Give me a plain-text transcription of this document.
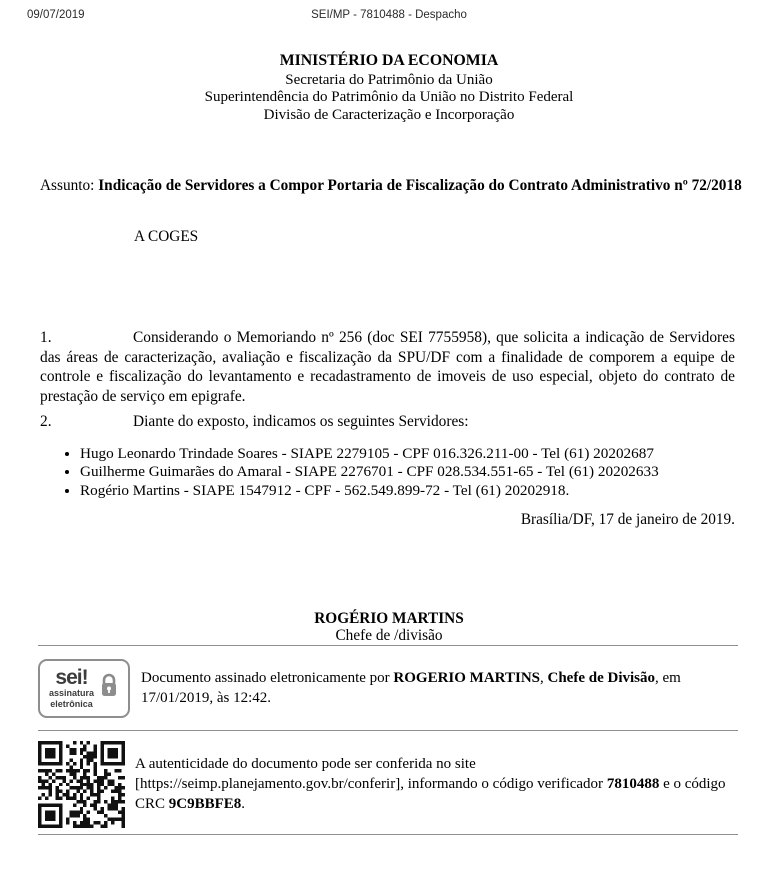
09/07/2019	SEI/MP - 7810488 - Despacho
MINISTÉRIO DA ECONOMIA
Secretaria do Patrimônio da União
Superintendência do Patrimônio da União no Distrito Federal
Divisão de Caracterização e Incorporação

Assunto: Indicação de Servidores a Compor Portaria de Fiscalização do Contrato Administrativo nº 72/2018

A COGES

1.	Considerando o Memoriando nº 256 (doc SEI 7755958), que solicita a indicação de Servidores das áreas de caracterização, avaliação e fiscalização da SPU/DF com a finalidade de comporem a equipe de controle e fiscalização do levantamento e recadastramento de imoveis de uso especial, objeto do contrato de prestação de serviço em epigrafe.

2.	Diante do exposto, indicamos os seguintes Servidores:

• Hugo Leonardo Trindade Soares - SIAPE 2279105 - CPF 016.326.211-00 - Tel (61) 20202687
• Guilherme Guimarães do Amaral - SIAPE 2276701 - CPF 028.534.551-65 - Tel (61) 20202633
• Rogério Martins - SIAPE 1547912 - CPF - 562.549.899-72 - Tel (61) 20202918.

Brasília/DF, 17 de janeiro de 2019.

ROGÉRIO MARTINS
Chefe de /divisão
sei!
assinatura
eletrônica

Documento assinado eletronicamente por ROGERIO MARTINS, Chefe de Divisão, em 17/01/2019, às 12:42.

A autenticidade do documento pode ser conferida no site [https://seimp.planejamento.gov.br/conferir], informando o código verificador 7810488 e o código CRC 9C9BBFE8.
